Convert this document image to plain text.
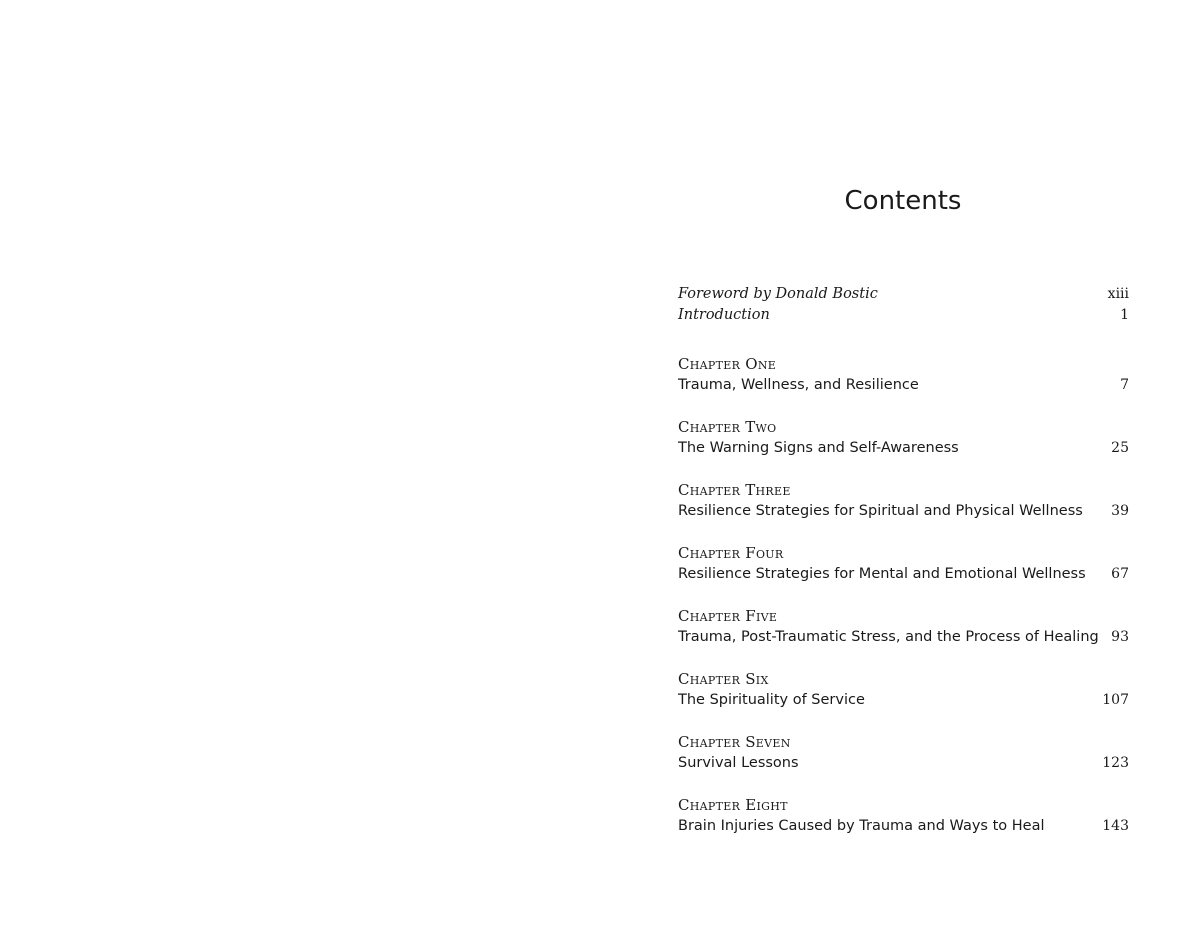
Contents
Foreword by Donald Bostic	xiii
Introduction	1
Chapter One
Trauma, Wellness, and Resilience	7
Chapter Two
The Warning Signs and Self-Awareness	25
Chapter Three
Resilience Strategies for Spiritual and Physical Wellness 39
Chapter Four
Resilience Strategies for Mental and Emotional Wellness 67
Chapter Five
Trauma, Post-Traumatic Stress, and the Process of Healing 93
Chapter Six
The Spirituality of Service	107
Chapter Seven
Survival Lessons	123
Chapter Eight
Brain Injuries Caused by Trauma and Ways to Heal	143
